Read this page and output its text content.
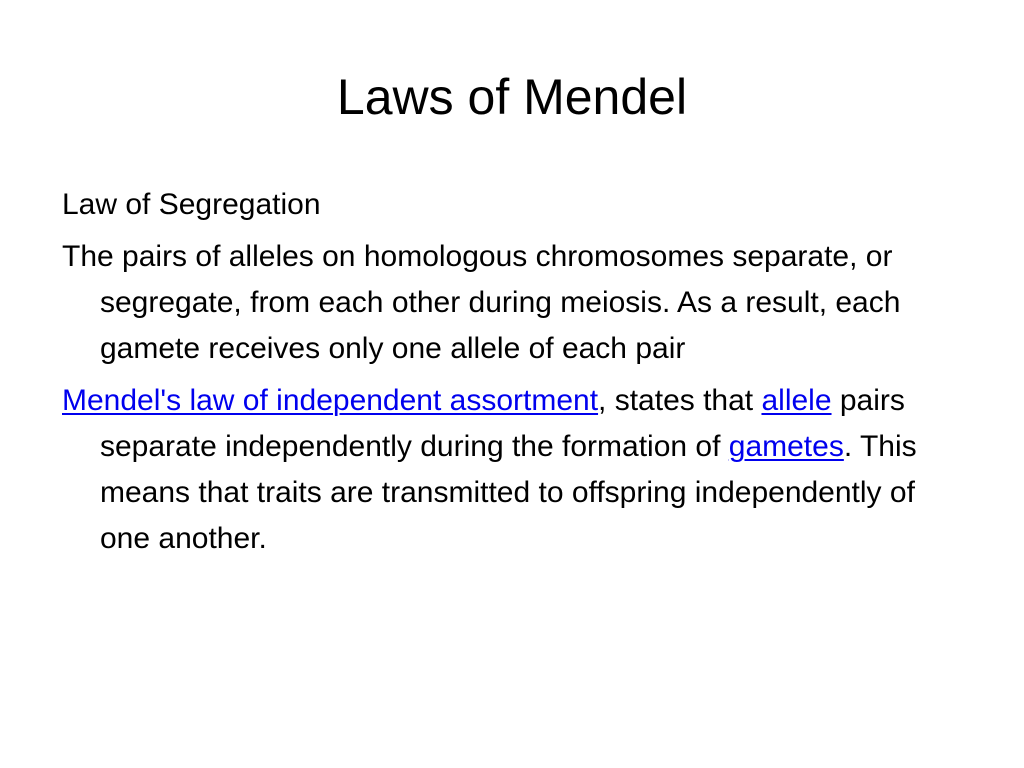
Laws of Mendel

Law of Segregation

The pairs of alleles on homologous chromosomes separate, or segregate, from each other during meiosis. As a result, each gamete receives only one allele of each pair

Mendel's law of independent assortment, states that allele pairs separate independently during the formation of gametes. This means that traits are transmitted to offspring independently of one another.
